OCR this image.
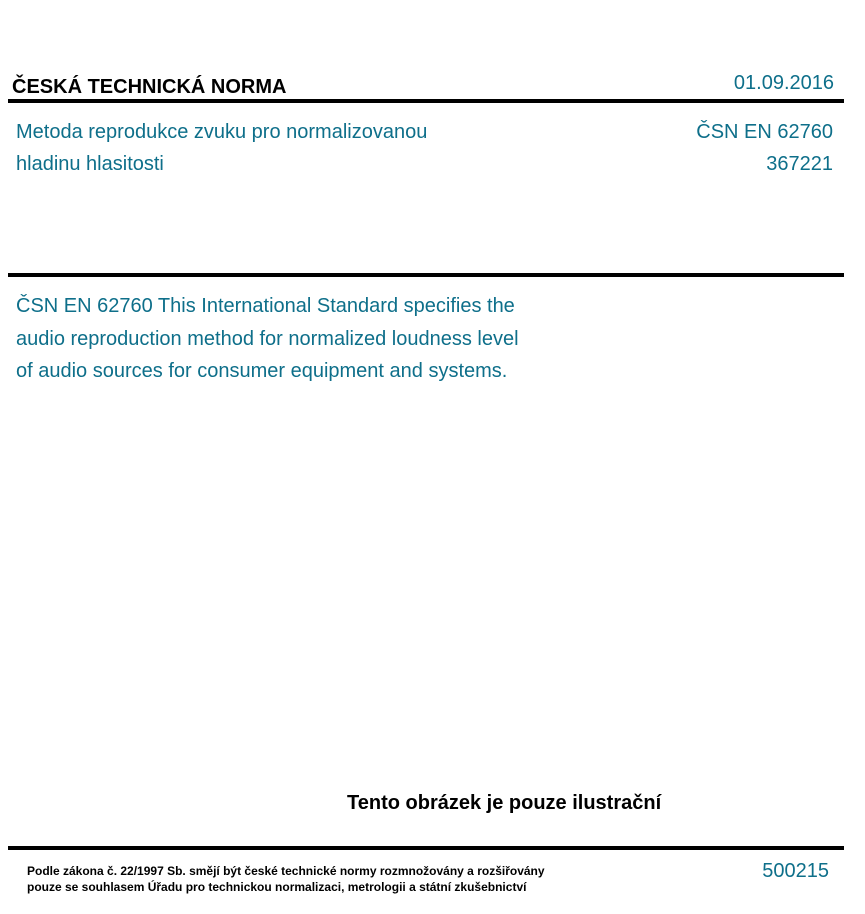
ČESKÁ TECHNICKÁ NORMA	01.09.2016
Metoda reprodukce zvuku pro normalizovanou
hladinu hlasitosti
ČSN EN 62760
367221
ČSN EN 62760 This International Standard specifies the
audio reproduction method for normalized loudness level
of audio sources for consumer equipment and systems.
Tento obrázek je pouze ilustrační
Podle zákona č. 22/1997 Sb. smějí být české technické normy rozmnožovány a rozšiřovány
pouze se souhlasem Úřadu pro technickou normalizaci, metrologii a státní zkušebnictví
500215
